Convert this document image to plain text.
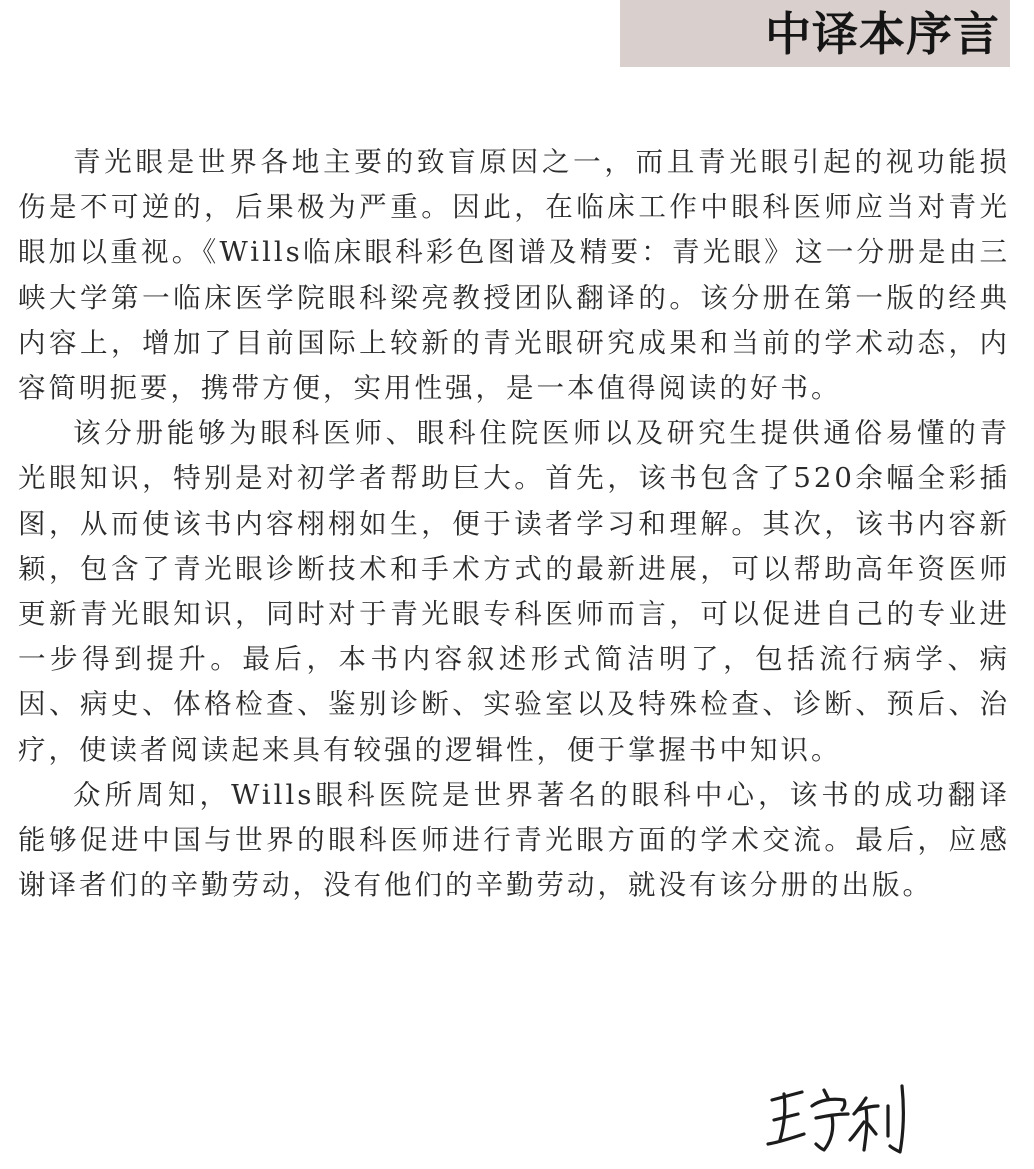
中译本序言

青光眼是世界各地主要的致盲原因之一，而且青光眼引起的视功能损伤是不可逆的，后果极为严重。因此，在临床工作中眼科医师应当对青光眼加以重视。《Wills临床眼科彩色图谱及精要：青光眼》这一分册是由三峡大学第一临床医学院眼科梁亮教授团队翻译的。该分册在第一版的经典内容上，增加了目前国际上较新的青光眼研究成果和当前的学术动态，内容简明扼要，携带方便，实用性强，是一本值得阅读的好书。

该分册能够为眼科医师、眼科住院医师以及研究生提供通俗易懂的青光眼知识，特别是对初学者帮助巨大。首先，该书包含了520余幅全彩插图，从而使该书内容栩栩如生，便于读者学习和理解。其次，该书内容新颖，包含了青光眼诊断技术和手术方式的最新进展，可以帮助高年资医师更新青光眼知识，同时对于青光眼专科医师而言，可以促进自己的专业进一步得到提升。最后，本书内容叙述形式简洁明了，包括流行病学、病因、病史、体格检查、鉴别诊断、实验室以及特殊检查、诊断、预后、治疗，使读者阅读起来具有较强的逻辑性，便于掌握书中知识。

众所周知，Wills眼科医院是世界著名的眼科中心，该书的成功翻译能够促进中国与世界的眼科医师进行青光眼方面的学术交流。最后，应感谢译者们的辛勤劳动，没有他们的辛勤劳动，就没有该分册的出版。
